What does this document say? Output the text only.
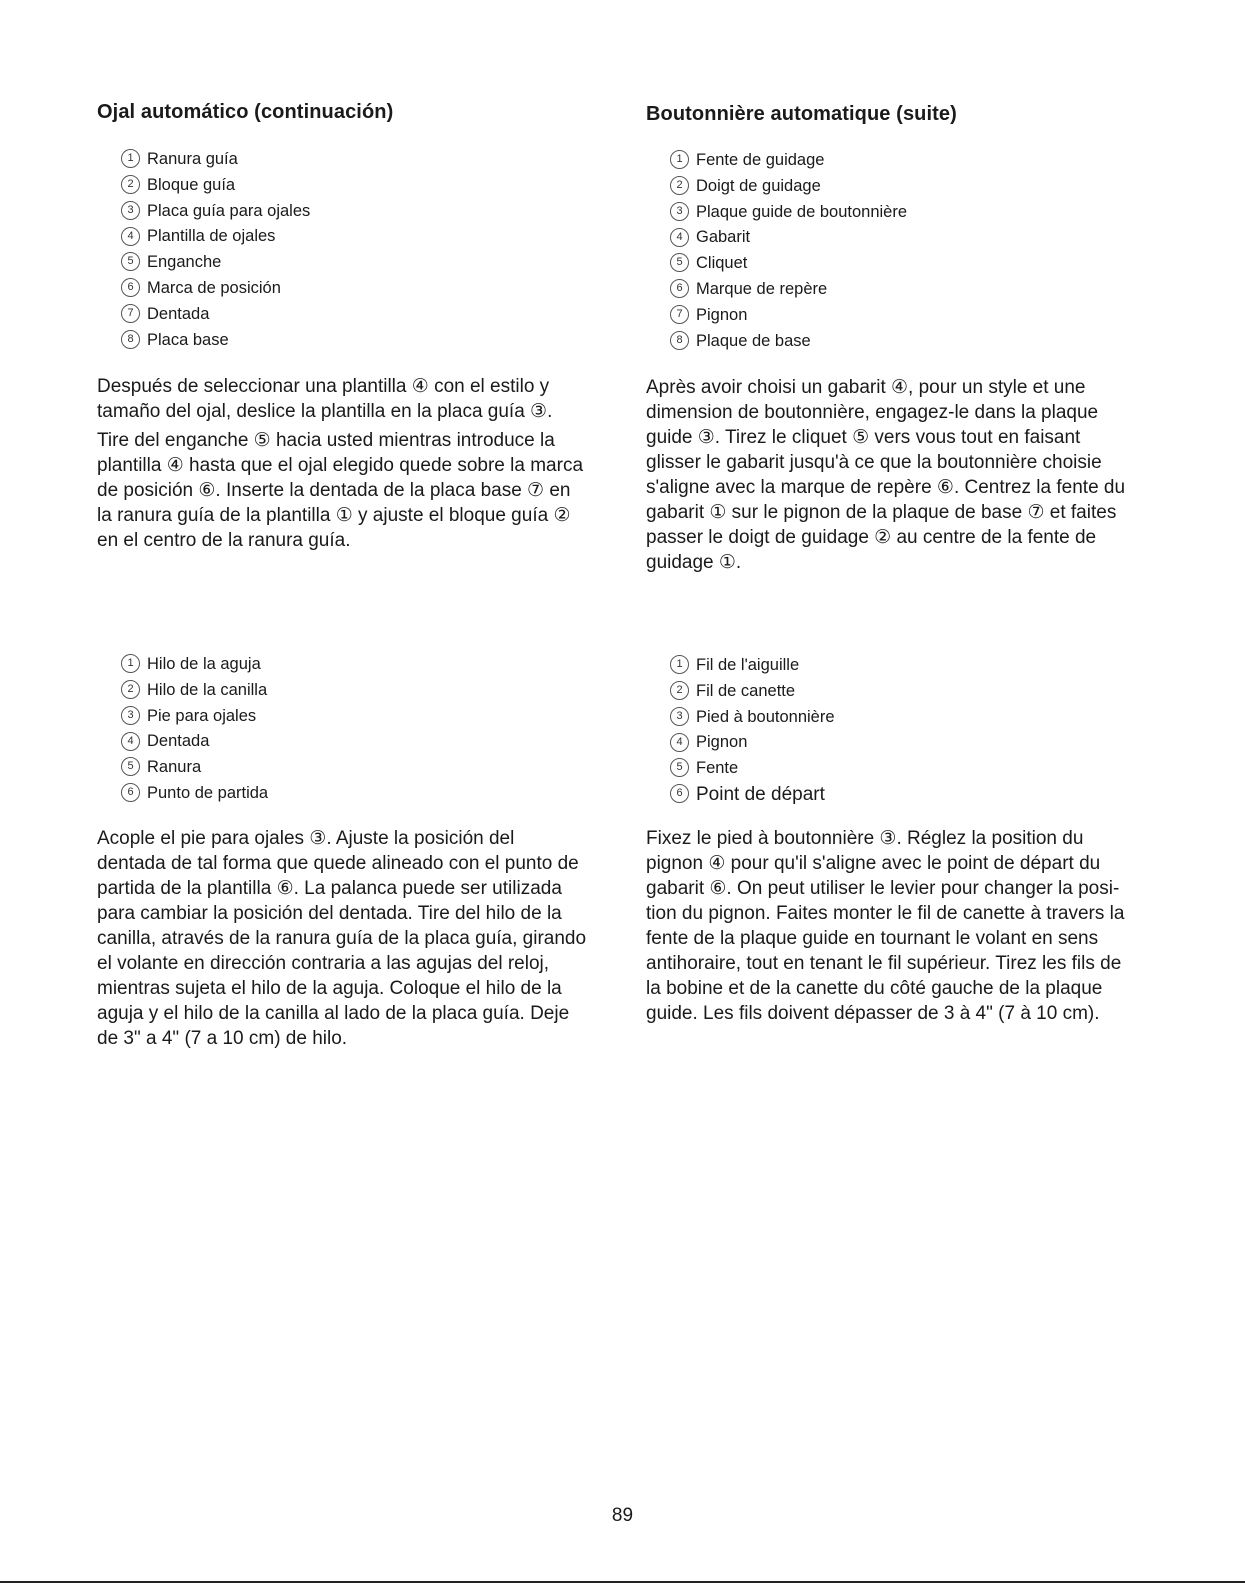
Ojal automático (continuación)
1 Ranura guía
2 Bloque guía
3 Placa guía para ojales
4 Plantilla de ojales
5 Enganche
6 Marca de posición
7 Dentada
8 Placa base
Después de seleccionar una plantilla ④ con el estilo y
tamaño del ojal, deslice la plantilla en la placa guía ③.
Tire del enganche ⑤ hacia usted mientras introduce la
plantilla ④ hasta que el ojal elegido quede sobre la marca
de posición ⑥. Inserte la dentada de la placa base ⑦ en
la ranura guía de la plantilla ① y ajuste el bloque guía ②
en el centro de la ranura guía.
1 Hilo de la aguja
2 Hilo de la canilla
3 Pie para ojales
4 Dentada
5 Ranura
6 Punto de partida
Acople el pie para ojales ③. Ajuste la posición del
dentada de tal forma que quede alineado con el punto de
partida de la plantilla ⑥. La palanca puede ser utilizada
para cambiar la posición del dentada. Tire del hilo de la
canilla, através de la ranura guía de la placa guía, girando
el volante en dirección contraria a las agujas del reloj,
mientras sujeta el hilo de la aguja. Coloque el hilo de la
aguja y el hilo de la canilla al lado de la placa guía. Deje
de 3" a 4" (7 a 10 cm) de hilo.
Boutonnière automatique (suite)
1 Fente de guidage
2 Doigt de guidage
3 Plaque guide de boutonnière
4 Gabarit
5 Cliquet
6 Marque de repère
7 Pignon
8 Plaque de base
Après avoir choisi un gabarit ④, pour un style et une
dimension de boutonnière, engagez-le dans la plaque
guide ③. Tirez le cliquet ⑤ vers vous tout en faisant
glisser le gabarit jusqu'à ce que la boutonnière choisie
s'aligne avec la marque de repère ⑥. Centrez la fente du
gabarit ① sur le pignon de la plaque de base ⑦ et faites
passer le doigt de guidage ② au centre de la fente de
guidage ①.
1 Fil de l'aiguille
2 Fil de canette
3 Pied à boutonnière
4 Pignon
5 Fente
6 Point de départ
Fixez le pied à boutonnière ③. Réglez la position du
pignon ④ pour qu'il s'aligne avec le point de départ du
gabarit ⑥. On peut utiliser le levier pour changer la posi-
tion du pignon. Faites monter le fil de canette à travers la
fente de la plaque guide en tournant le volant en sens
antihoraire, tout en tenant le fil supérieur. Tirez les fils de
la bobine et de la canette du côté gauche de la plaque
guide. Les fils doivent dépasser de 3 à 4" (7 à 10 cm).
89
